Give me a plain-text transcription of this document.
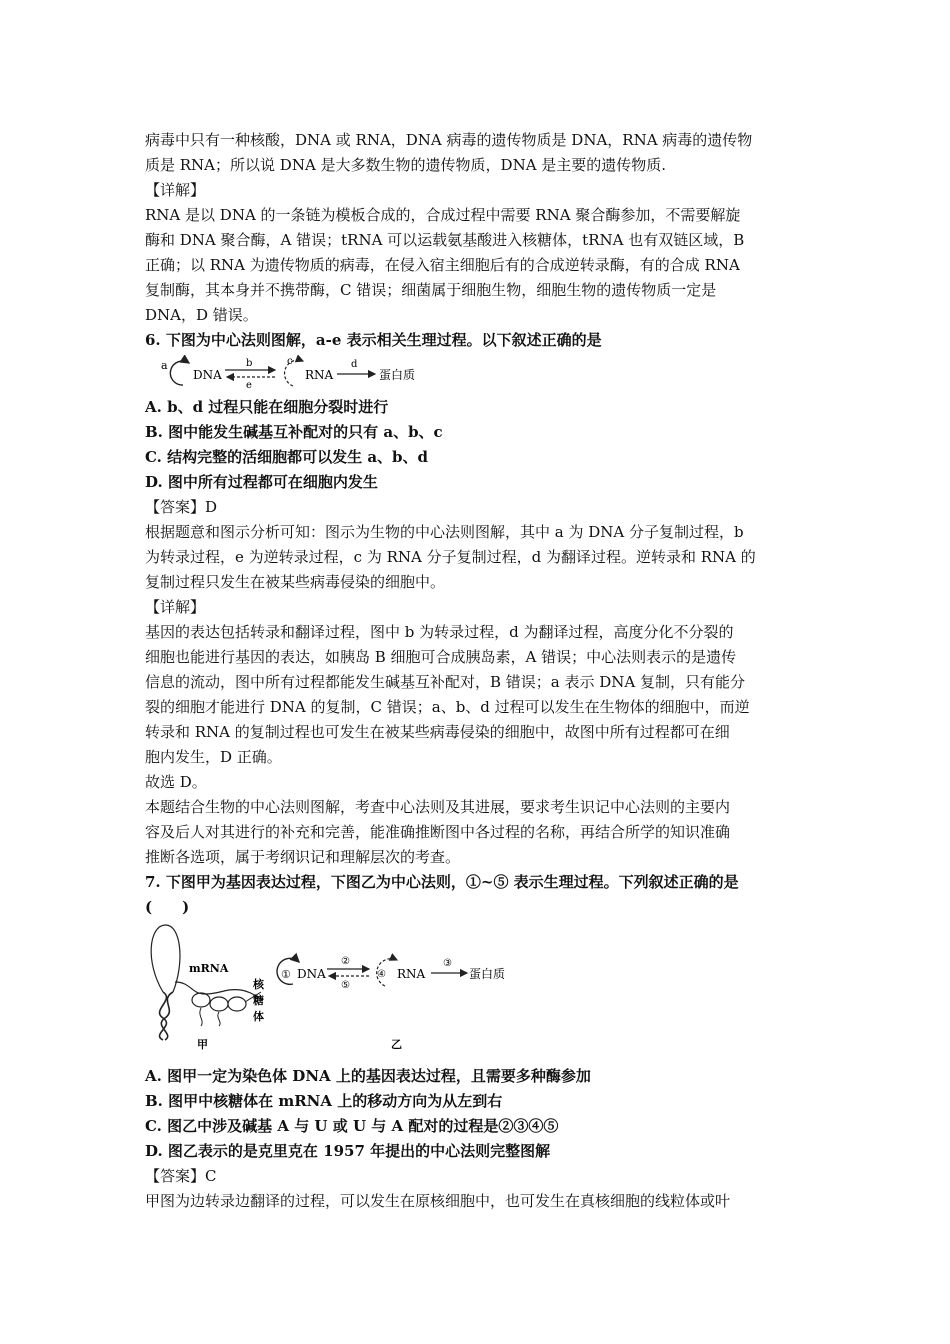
病毒中只有一种核酸，DNA 或 RNA，DNA 病毒的遗传物质是 DNA，RNA 病毒的遗传物
质是 RNA；所以说 DNA 是大多数生物的遗传物质，DNA 是主要的遗传物质.
【详解】
RNA 是以 DNA 的一条链为模板合成的，合成过程中需要 RNA 聚合酶参加，不需要解旋
酶和 DNA 聚合酶，A 错误；tRNA 可以运载氨基酸进入核糖体，tRNA 也有双链区域，B
正确；以 RNA 为遗传物质的病毒，在侵入宿主细胞后有的合成逆转录酶，有的合成 RNA
复制酶，其本身并不携带酶，C 错误；细菌属于细胞生物，细胞生物的遗传物质一定是
DNA，D 错误。
6. 下图为中心法则图解，a-e 表示相关生理过程。以下叙述正确的是
a
DNA
b
e
c
RNA
d
蛋白质
A. b、d 过程只能在细胞分裂时进行
B. 图中能发生碱基互补配对的只有 a、b、c
C. 结构完整的活细胞都可以发生 a、b、d
D. 图中所有过程都可在细胞内发生
【答案】D
根据题意和图示分析可知：图示为生物的中心法则图解，其中 a 为 DNA 分子复制过程，b
为转录过程，e 为逆转录过程，c 为 RNA 分子复制过程，d 为翻译过程。逆转录和 RNA 的
复制过程只发生在被某些病毒侵染的细胞中。
【详解】
基因的表达包括转录和翻译过程，图中 b 为转录过程，d 为翻译过程，高度分化不分裂的
细胞也能进行基因的表达，如胰岛 B 细胞可合成胰岛素，A 错误；中心法则表示的是遗传
信息的流动，图中所有过程都能发生碱基互补配对，B 错误；a 表示 DNA 复制，只有能分
裂的细胞才能进行 DNA 的复制，C 错误；a、b、d 过程可以发生在生物体的细胞中，而逆
转录和 RNA 的复制过程也可发生在被某些病毒侵染的细胞中，故图中所有过程都可在细
胞内发生，D 正确。
故选 D。
本题结合生物的中心法则图解，考查中心法则及其进展，要求考生识记中心法则的主要内
容及后人对其进行的补充和完善，能准确推断图中各过程的名称，再结合所学的知识准确
推断各选项，属于考纲识记和理解层次的考查。
7. 下图甲为基因表达过程，下图乙为中心法则，①~⑤ 表示生理过程。下列叙述正确的是
(　　)
mRNA
核
糖
体
甲
① DNA
②
⑤
④ RNA
③
蛋白质
乙
A. 图甲一定为染色体 DNA 上的基因表达过程，且需要多种酶参加
B. 图甲中核糖体在 mRNA 上的移动方向为从左到右
C. 图乙中涉及碱基 A 与 U 或 U 与 A 配对的过程是②③④⑤
D. 图乙表示的是克里克在 1957 年提出的中心法则完整图解
【答案】C
甲图为边转录边翻译的过程，可以发生在原核细胞中，也可发生在真核细胞的线粒体或叶
